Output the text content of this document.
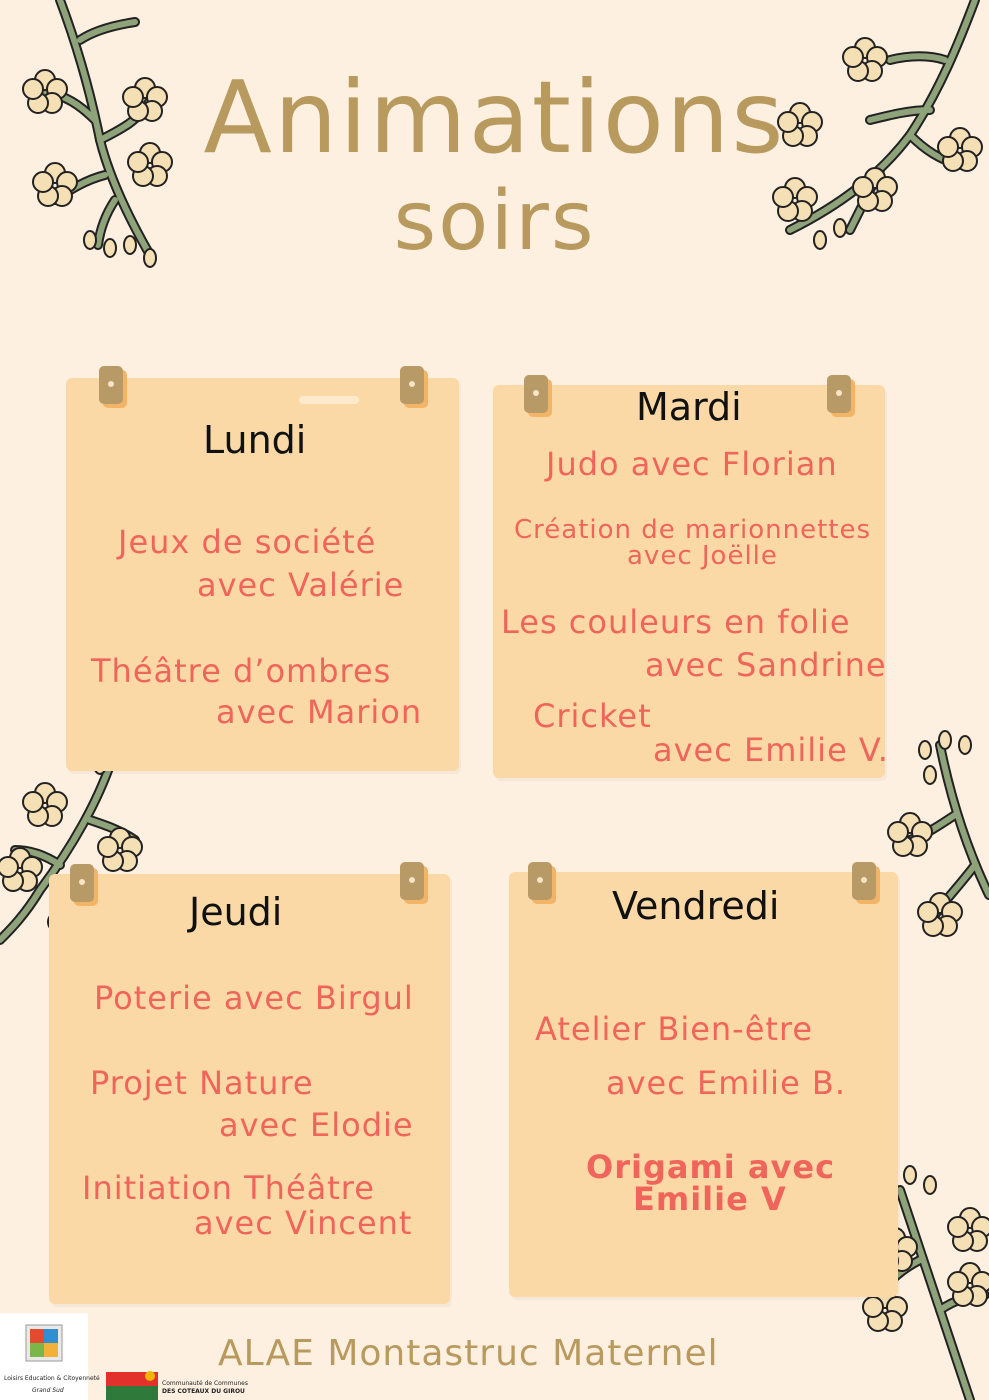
Animations
soirs
Lundi
Jeux de société
avec Valérie
Théâtre d’ombres
avec Marion
Mardi
Judo avec Florian
Création de marionnettes
avec Joëlle
Les couleurs en folie
avec Sandrine
Cricket
avec Emilie V.
Jeudi
Poterie avec Birgul
Projet Nature
avec Elodie
Initiation Théâtre
avec Vincent
Vendredi
Atelier Bien-être
avec Emilie B.
Origami avec
Emilie V
ALAE Montastruc Maternel
Loisirs Education & Citoyenneté
Grand Sud
Communauté de Communes
DES COTEAUX DU GIROU
